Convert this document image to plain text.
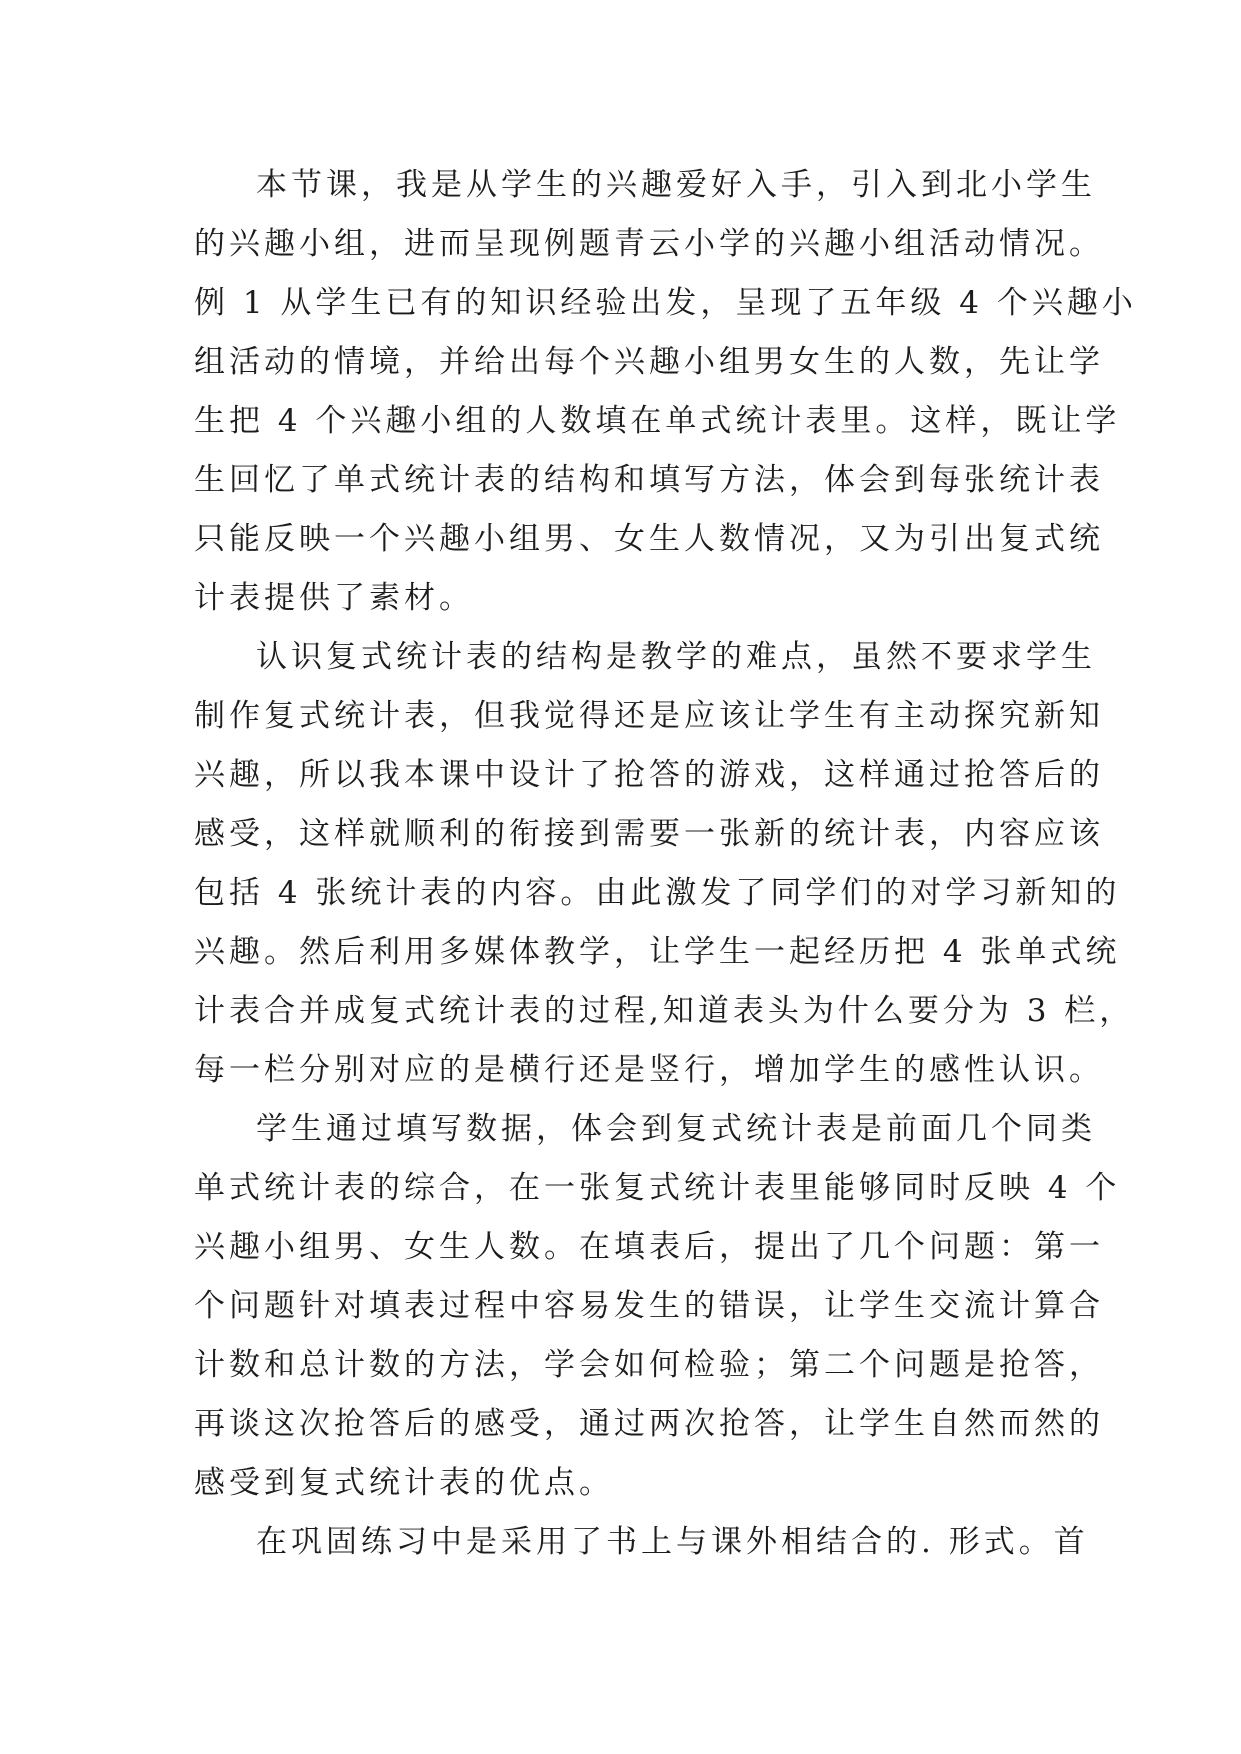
本节课，我是从学生的兴趣爱好入手，引入到北小学生
的兴趣小组，进而呈现例题青云小学的兴趣小组活动情况。
例 1 从学生已有的知识经验出发，呈现了五年级 4 个兴趣小
组活动的情境，并给出每个兴趣小组男女生的人数，先让学
生把 4 个兴趣小组的人数填在单式统计表里。这样，既让学
生回忆了单式统计表的结构和填写方法，体会到每张统计表
只能反映一个兴趣小组男、女生人数情况，又为引出复式统
计表提供了素材。
认识复式统计表的结构是教学的难点，虽然不要求学生
制作复式统计表，但我觉得还是应该让学生有主动探究新知
兴趣，所以我本课中设计了抢答的游戏，这样通过抢答后的
感受，这样就顺利的衔接到需要一张新的统计表，内容应该
包括 4 张统计表的内容。由此激发了同学们的对学习新知的
兴趣。然后利用多媒体教学，让学生一起经历把 4 张单式统
计表合并成复式统计表的过程,知道表头为什么要分为 3 栏，
每一栏分别对应的是横行还是竖行，增加学生的感性认识。
学生通过填写数据，体会到复式统计表是前面几个同类
单式统计表的综合，在一张复式统计表里能够同时反映 4 个
兴趣小组男、女生人数。在填表后，提出了几个问题：第一
个问题针对填表过程中容易发生的错误，让学生交流计算合
计数和总计数的方法，学会如何检验；第二个问题是抢答，
再谈这次抢答后的感受，通过两次抢答，让学生自然而然的
感受到复式统计表的优点。
在巩固练习中是采用了书上与课外相结合的. 形式。首
